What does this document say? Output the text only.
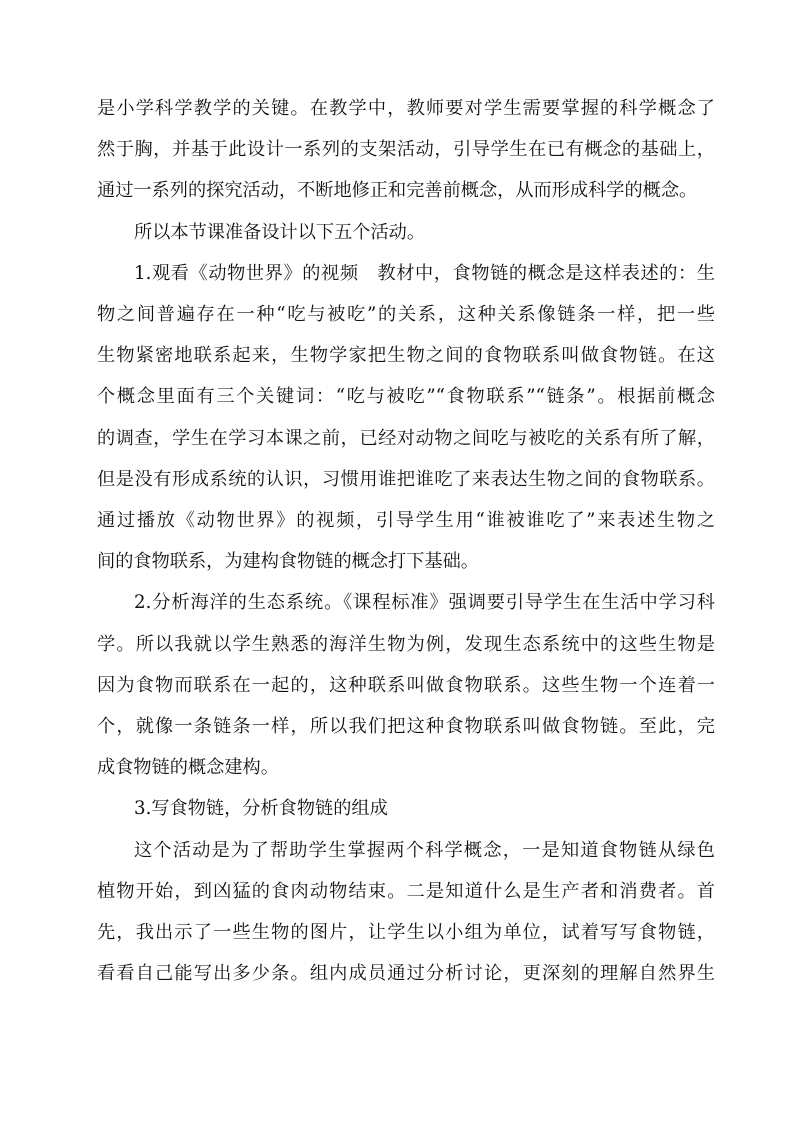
是小学科学教学的关键。在教学中，教师要对学生需要掌握的科学概念了
然于胸，并基于此设计一系列的支架活动，引导学生在已有概念的基础上，
通过一系列的探究活动，不断地修正和完善前概念，从而形成科学的概念。
所以本节课准备设计以下五个活动。
1.观看《动物世界》的视频　教材中，食物链的概念是这样表述的：生
物之间普遍存在一种“吃与被吃”的关系，这种关系像链条一样，把一些
生物紧密地联系起来，生物学家把生物之间的食物联系叫做食物链。在这
个概念里面有三个关键词：“吃与被吃”“食物联系”“链条”。根据前概念
的调查，学生在学习本课之前，已经对动物之间吃与被吃的关系有所了解，
但是没有形成系统的认识，习惯用谁把谁吃了来表达生物之间的食物联系。
通过播放《动物世界》的视频，引导学生用“谁被谁吃了”来表述生物之
间的食物联系，为建构食物链的概念打下基础。
2.分析海洋的生态系统。《课程标准》强调要引导学生在生活中学习科
学。所以我就以学生熟悉的海洋生物为例，发现生态系统中的这些生物是
因为食物而联系在一起的，这种联系叫做食物联系。这些生物一个连着一
个，就像一条链条一样，所以我们把这种食物联系叫做食物链。至此，完
成食物链的概念建构。
3.写食物链，分析食物链的组成
这个活动是为了帮助学生掌握两个科学概念，一是知道食物链从绿色
植物开始，到凶猛的食肉动物结束。二是知道什么是生产者和消费者。首
先，我出示了一些生物的图片，让学生以小组为单位，试着写写食物链，
看看自己能写出多少条。组内成员通过分析讨论，更深刻的理解自然界生
